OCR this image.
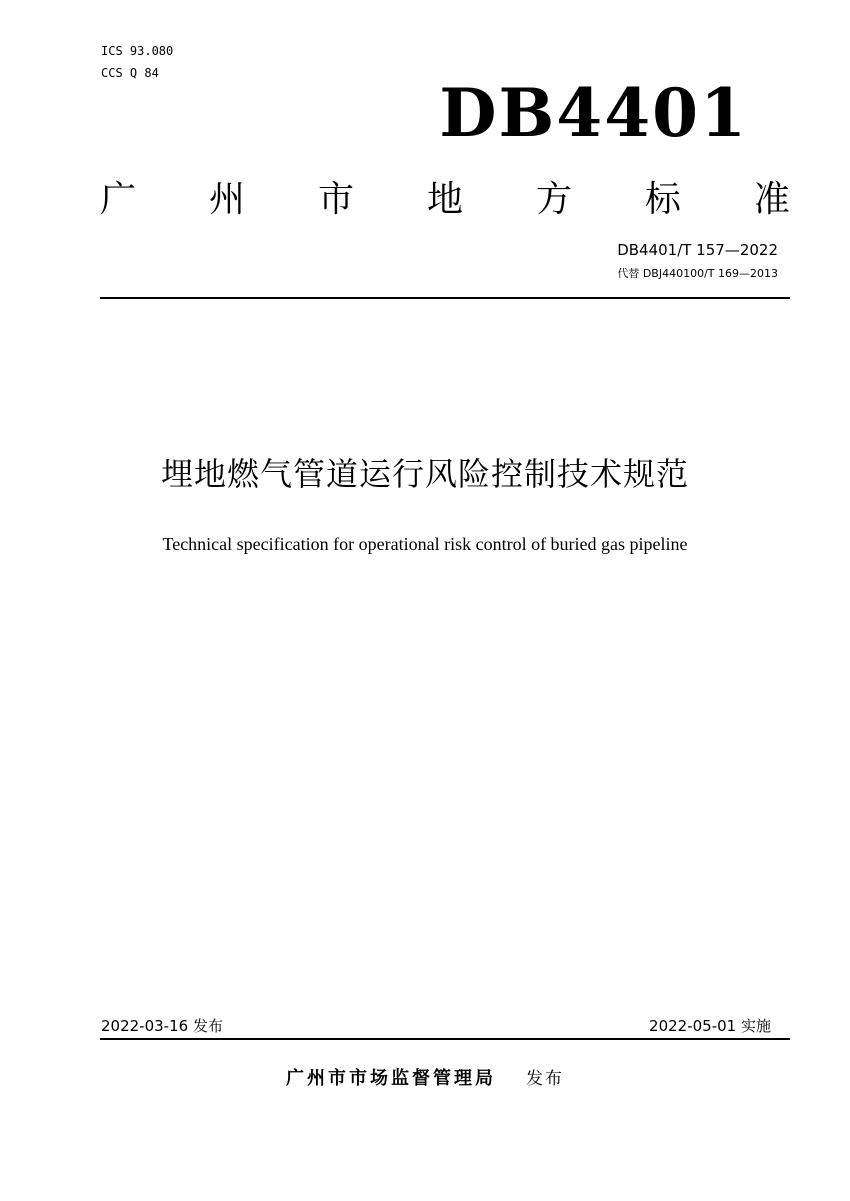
ICS 93.080
CCS Q 84
DB4401
广 州 市 地 方 标 准
DB4401/T 157—2022
代替 DBJ440100/T 169—2013
埋地燃气管道运行风险控制技术规范
Technical specification for operational risk control of buried gas pipeline
2022-03-16 发布	2022-05-01 实施
广州市市场监督管理局 发布
